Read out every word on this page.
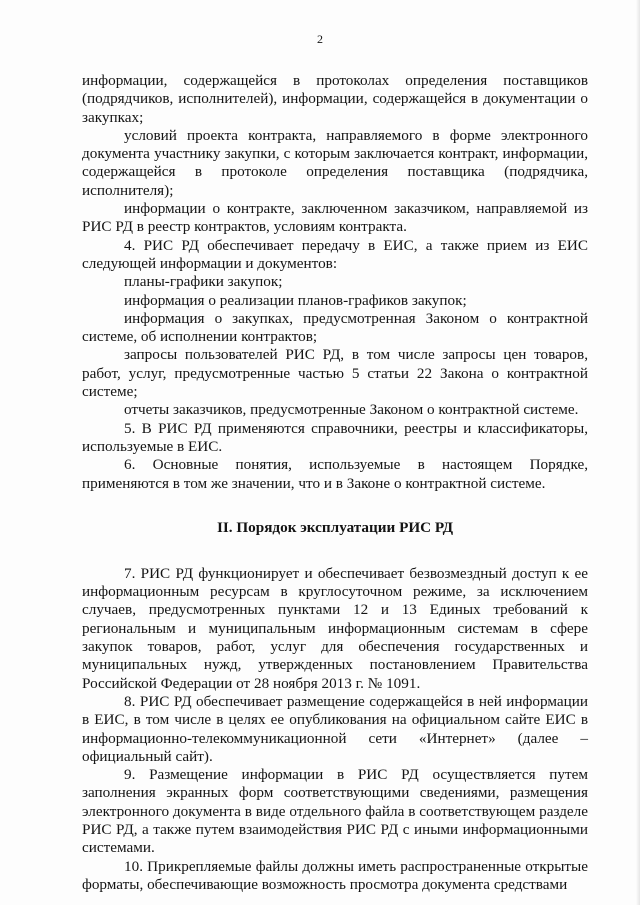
2

информации, содержащейся в протоколах определения поставщиков (подрядчиков, исполнителей), информации, содержащейся в документации о закупках;

условий проекта контракта, направляемого в форме электронного документа участнику закупки, с которым заключается контракт, информации, содержащейся в протоколе определения поставщика (подрядчика, исполнителя);

информации о контракте, заключенном заказчиком, направляемой из РИС РД в реестр контрактов, условиям контракта.

4. РИС РД обеспечивает передачу в ЕИС, а также прием из ЕИС следующей информации и документов:

планы-графики закупок;

информация о реализации планов-графиков закупок;

информация о закупках, предусмотренная Законом о контрактной системе, об исполнении контрактов;

запросы пользователей РИС РД, в том числе запросы цен товаров, работ, услуг, предусмотренные частью 5 статьи 22 Закона о контрактной системе;

отчеты заказчиков, предусмотренные Законом о контрактной системе.

5. В РИС РД применяются справочники, реестры и классификаторы, используемые в ЕИС.

6. Основные понятия, используемые в настоящем Порядке, применяются в том же значении, что и в Законе о контрактной системе.

II. Порядок эксплуатации РИС РД

7. РИС РД функционирует и обеспечивает безвозмездный доступ к ее информационным ресурсам в круглосуточном режиме, за исключением случаев, предусмотренных пунктами 12 и 13 Единых требований к региональным и муниципальным информационным системам в сфере закупок товаров, работ, услуг для обеспечения государственных и муниципальных нужд, утвержденных постановлением Правительства Российской Федерации от 28 ноября 2013 г. № 1091.

8. РИС РД обеспечивает размещение содержащейся в ней информации в ЕИС, в том числе в целях ее опубликования на официальном сайте ЕИС в информационно-телекоммуникационной сети «Интернет» (далее – официальный сайт).

9. Размещение информации в РИС РД осуществляется путем заполнения экранных форм соответствующими сведениями, размещения электронного документа в виде отдельного файла в соответствующем разделе РИС РД, а также путем взаимодействия РИС РД с иными информационными системами.

10. Прикрепляемые файлы должны иметь распространенные открытые форматы, обеспечивающие возможность просмотра документа средствами
